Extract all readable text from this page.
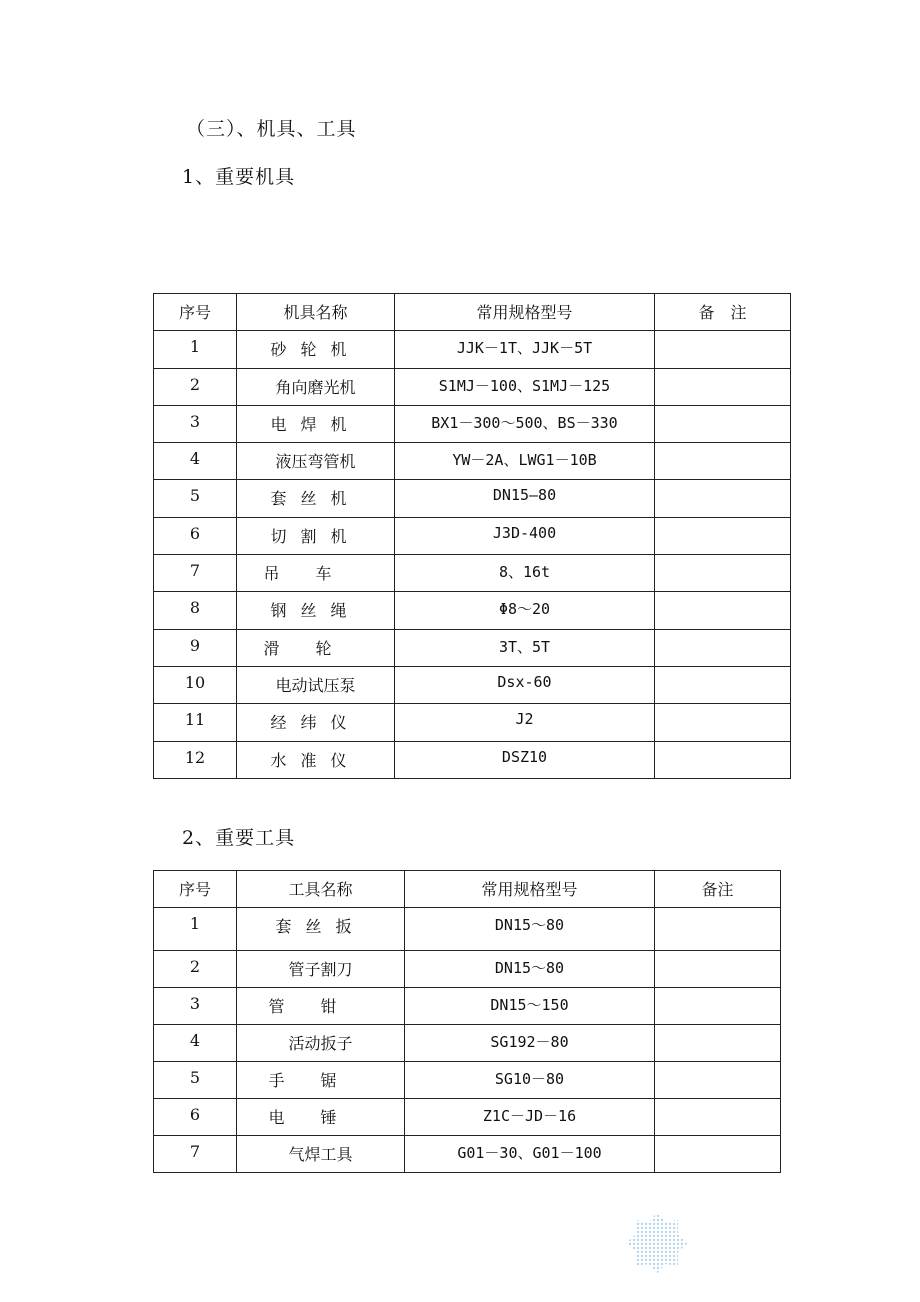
（三）、机具、工具
1、重要机具
序号	机具名称	常用规格型号	备　注
1	砂轮机	JJK－1T、JJK－5T	
2	角向磨光机	S1MJ－100、S1MJ－125	
3	电焊机	BX1－300～500、BS－330	
4	液压弯管机	YW－2A、LWG1－10B	
5	套丝机	DN15—80	
6	切割机	J3D-400	
7	吊车	8、16t	
8	钢丝绳	Φ8～20	
9	滑轮	3T、5T	
10	电动试压泵	Dsx-60	
11	经纬仪	J2	
12	水准仪	DSZ10	
2、重要工具
序号	工具名称	常用规格型号	备注
1	套丝扳	DN15～80	
2	管子割刀	DN15～80	
3	管钳	DN15～150	
4	活动扳子	SG192－80	
5	手锯	SG10－80	
6	电锤	Z1C－JD－16	
7	气焊工具	G01－30、G01－100	
